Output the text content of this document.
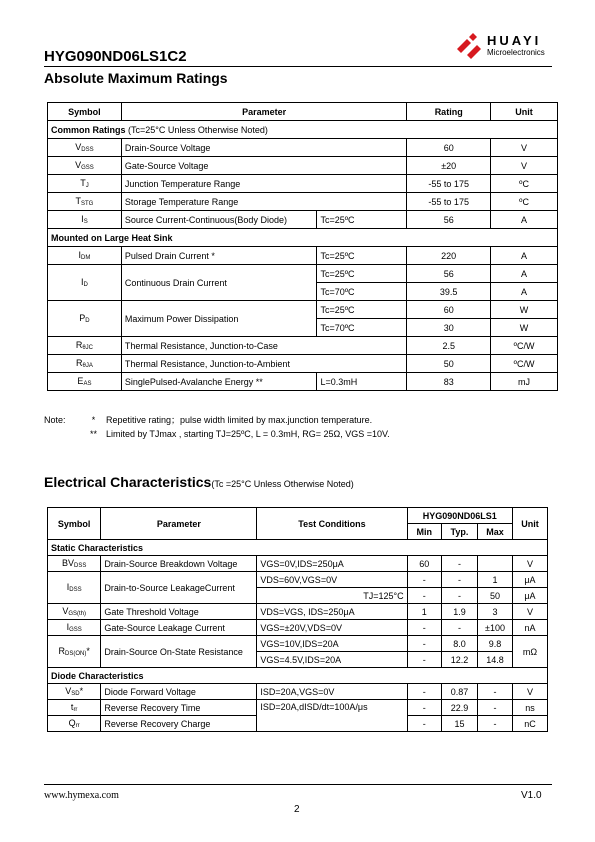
HYG090ND06LS1C2
HUAYI
Microelectronics
Absolute Maximum Ratings
Symbol	Parameter		Rating	Unit
Common Ratings (Tc=25°C Unless Otherwise Noted)				
$V_{DSS}$	Drain-Source Voltage		60	V
$V_{GSS}$	Gate-Source Voltage		±20	V
$T_J$	Junction Temperature Range		-55 to 175	ºC
$T_{STG}$	Storage Temperature Range		-55 to 175	ºC
$I_S$	Source Current-Continuous(Body Diode)	Tc=25ºC	56	A
Mounted on Large Heat Sink				
$I_{DM}$	Pulsed Drain Current *	Tc=25ºC	220	A
$I_D$	Continuous Drain Current	Tc=25ºC	56	A
		Tc=70ºC	39.5	A
$P_D$	Maximum Power Dissipation	Tc=25ºC	60	W
		Tc=70ºC	30	W
$R_{\theta JC}$	Thermal Resistance, Junction-to-Case		2.5	ºC/W
$R_{\theta JA}$	Thermal Resistance, Junction-to-Ambient		50	ºC/W
$E_{AS}$	SinglePulsed-Avalanche Energy **	L=0.3mH	83	mJ
Note:	*	Repetitive rating；pulse width limited by max.junction temperature.
**	Limited by TJmax , starting TJ=25ºC, L = 0.3mH, RG= 25Ω, VGS =10V.
Electrical Characteristics(Tc =25°C Unless Otherwise Noted)
Symbol	Parameter	Test Conditions		HYG090ND06LS1			Unit
				Min	Typ.	Max	
Static Characteristics							
$BV_{DSS}$	Drain-Source Breakdown Voltage	VGS=0V,IDS=250μA		60	-		V
$I_{DSS}$	Drain-to-Source LeakageCurrent	VDS=60V,VGS=0V		-	-	1	μA
			TJ=125°C	-	-	50	μA
$V_{GS(th)}$	Gate Threshold Voltage	VDS=VGS, IDS=250μA		1	1.9	3	V
$I_{GSS}$	Gate-Source Leakage Current	VGS=±20V,VDS=0V		-	-	±100	nA
$R_{DS(ON)}*$	Drain-Source On-State Resistance	VGS=10V,IDS=20A		-	8.0	9.8	mΩ
		VGS=4.5V,IDS=20A		-	12.2	14.8	
Diode Characteristics							
$V_{SD}*$	Diode Forward Voltage	ISD=20A,VGS=0V		-	0.87	-	V
$t_{rr}$	Reverse Recovery Time	ISD=20A,dISD/dt=100A/μs		-	22.9	-	ns
$Q_{rr}$	Reverse Recovery Charge			-	15	-	nC
www.hymexa.com	V1.0
2
